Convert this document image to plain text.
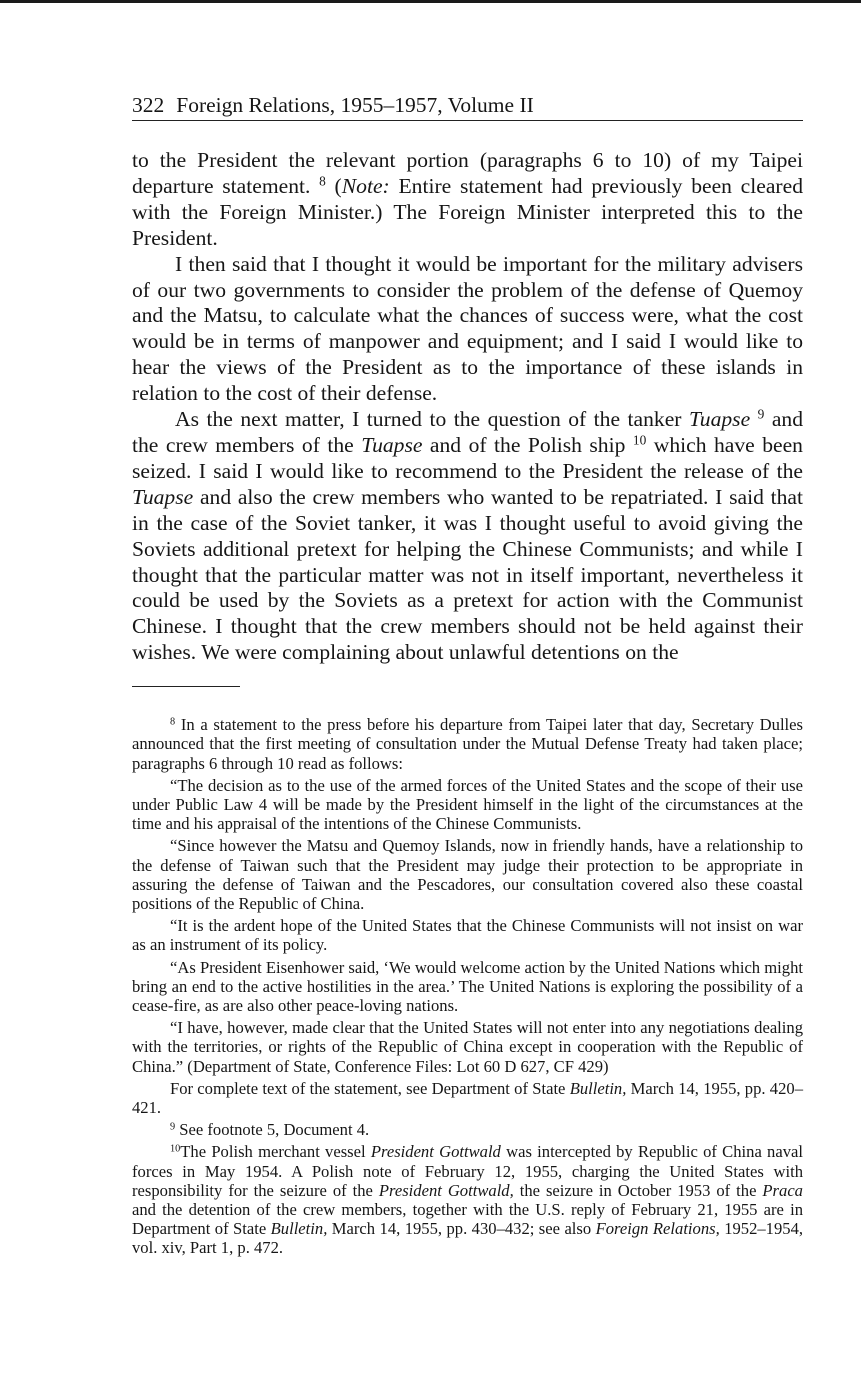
322 Foreign Relations, 1955–1957, Volume II

to the President the relevant portion (paragraphs 6 to 10) of my Taipei departure statement. $^8$ (Note: Entire statement had previously been cleared with the Foreign Minister.) The Foreign Minister interpreted this to the President.

I then said that I thought it would be important for the military advisers of our two governments to consider the problem of the defense of Quemoy and the Matsu, to calculate what the chances of success were, what the cost would be in terms of manpower and equipment; and I said I would like to hear the views of the President as to the importance of these islands in relation to the cost of their defense.

As the next matter, I turned to the question of the tanker Tuapse $^9$ and the crew members of the Tuapse and of the Polish ship $^{10}$ which have been seized. I said I would like to recommend to the President the release of the Tuapse and also the crew members who wanted to be repatriated. I said that in the case of the Soviet tanker, it was I thought useful to avoid giving the Soviets additional pretext for helping the Chinese Communists; and while I thought that the particular matter was not in itself important, nevertheless it could be used by the Soviets as a pretext for action with the Communist Chinese. I thought that the crew members should not be held against their wishes. We were complaining about unlawful detentions on the

$^8$ In a statement to the press before his departure from Taipei later that day, Secretary Dulles announced that the first meeting of consultation under the Mutual Defense Treaty had taken place; paragraphs 6 through 10 read as follows:

“The decision as to the use of the armed forces of the United States and the scope of their use under Public Law 4 will be made by the President himself in the light of the circumstances at the time and his appraisal of the intentions of the Chinese Communists.

“Since however the Matsu and Quemoy Islands, now in friendly hands, have a relationship to the defense of Taiwan such that the President may judge their protection to be appropriate in assuring the defense of Taiwan and the Pescadores, our consultation covered also these coastal positions of the Republic of China.

“It is the ardent hope of the United States that the Chinese Communists will not insist on war as an instrument of its policy.

“As President Eisenhower said, ‘We would welcome action by the United Nations which might bring an end to the active hostilities in the area.’ The United Nations is exploring the possibility of a cease-fire, as are also other peace-loving nations.

“I have, however, made clear that the United States will not enter into any negotiations dealing with the territories, or rights of the Republic of China except in cooperation with the Republic of China.” (Department of State, Conference Files: Lot 60 D 627, CF 429)

For complete text of the statement, see Department of State Bulletin, March 14, 1955, pp. 420–421.

$^9$ See footnote 5, Document 4.

$^{10}$The Polish merchant vessel President Gottwald was intercepted by Republic of China naval forces in May 1954. A Polish note of February 12, 1955, charging the United States with responsibility for the seizure of the President Gottwald, the seizure in October 1953 of the Praca and the detention of the crew members, together with the U.S. reply of February 21, 1955 are in Department of State Bulletin, March 14, 1955, pp. 430–432; see also Foreign Relations, 1952–1954, vol. xiv, Part 1, p. 472.
